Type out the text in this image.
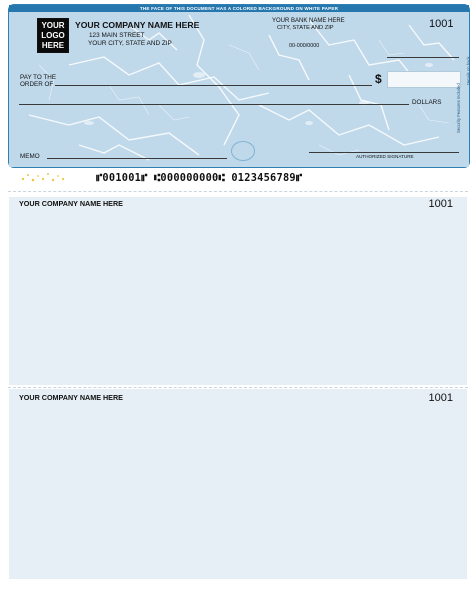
THE FACE OF THIS DOCUMENT HAS A COLORED BACKGROUND ON WHITE PAPER
YOUR
LOGO
HERE
YOUR COMPANY NAME HERE
123 MAIN STREET
YOUR CITY, STATE AND ZIP
YOUR BANK NAME HERE
CITY, STATE AND ZIP
00-000/0000
1001
PAY TO THE
ORDER OF	$
DOLLARS
MEMO	AUTHORIZED SIGNATURE
Security Features Included
Details on back
⑈001001⑈ ⑆000000000⑆ 0123456789⑈
YOUR COMPANY NAME HERE	1001
YOUR COMPANY NAME HERE	1001
